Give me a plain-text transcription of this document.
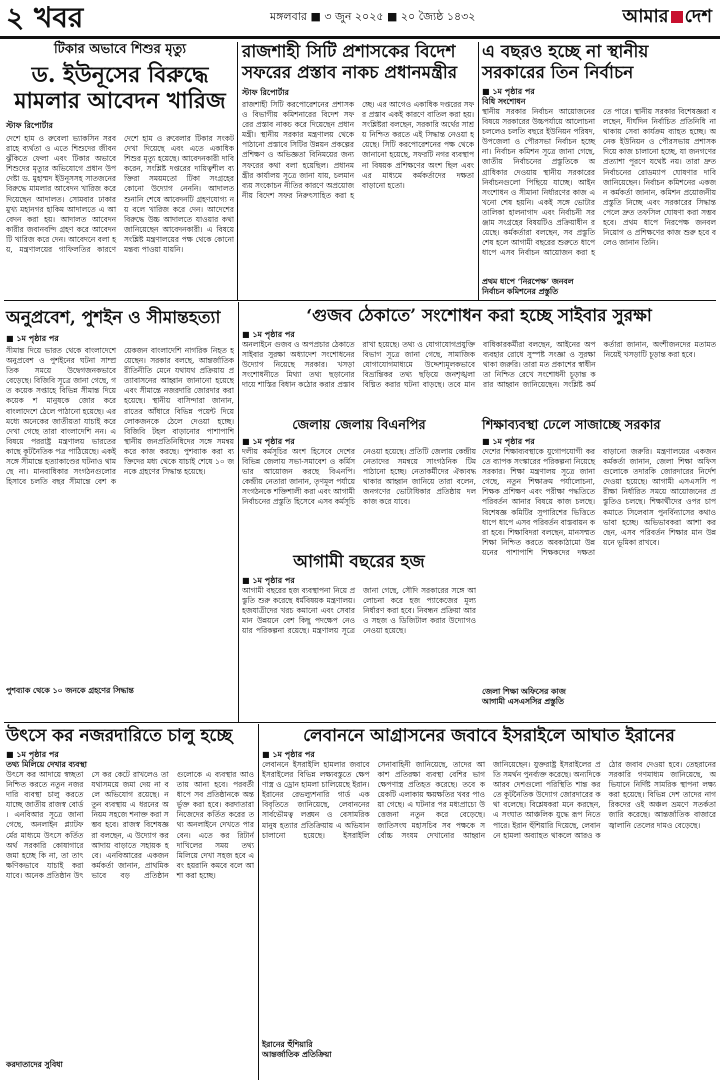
২ খবর	মঙ্গলবার ■ ৩ জুন ২০২৫ ■ ২০ জ্যৈষ্ঠ ১৪৩২	আমার দেশ
টিকার অভাবে শিশুর মৃত্যু
ড. ইউনূসের বিরুদ্ধে মামলার আবেদন খারিজ
স্টাফ রিপোর্টার
দেশে হাম ও রুবেলা ভ্যাকসিন সরবরাহে ব্যর্থতা ও এতে শিশুদের জীবন ঝুঁকিতে ফেলা এবং টিকার অভাবে শিশুদের মৃত্যুর অভিযোগে প্রধান উপদেষ্টা ড. মুহাম্মদ ইউনূসসহ সাতজনের বিরুদ্ধে মামলার আবেদন খারিজ করে দিয়েছেন আদালত। সোমবার ঢাকার মুখ্য মহানগর হাকিম আদালতে এ আবেদন করা হয়। আদালত আবেদনকারীর জবানবন্দি গ্রহণ করে আবেদনটি খারিজ করে দেন। আবেদনে বলা হয়, মন্ত্রণালয়ের গাফিলতির কারণে দেশে হাম ও রুবেলার টিকার সংকট দেখা দিয়েছে এবং এতে একাধিক শিশুর মৃত্যু হয়েছে। আবেদনকারী দাবি করেন, সংশ্লিষ্ট দপ্তরের দায়িত্বশীল ব্যক্তিরা সময়মতো টিকা সংগ্রহের কোনো উদ্যোগ নেননি। আদালত শুনানি শেষে আবেদনটি গ্রহণযোগ্য নয় বলে খারিজ করে দেন। আদেশের বিরুদ্ধে উচ্চ আদালতে যাওয়ার কথা জানিয়েছেন আবেদনকারী। এ বিষয়ে সংশ্লিষ্ট মন্ত্রণালয়ের পক্ষ থেকে কোনো মন্তব্য পাওয়া যায়নি।
রাজশাহী সিটি প্রশাসকের বিদেশ সফরের প্রস্তাব নাকচ প্রধানমন্ত্রীর
স্টাফ রিপোর্টার
রাজশাহী সিটি করপোরেশনের প্রশাসক ও বিভাগীয় কমিশনারের বিদেশ সফরের প্রস্তাব নাকচ করে দিয়েছেন প্রধানমন্ত্রী। স্থানীয় সরকার মন্ত্রণালয় থেকে পাঠানো প্রস্তাবে সিটির উন্নয়ন প্রকল্পের প্রশিক্ষণ ও অভিজ্ঞতা বিনিময়ের জন্য সফরের কথা বলা হয়েছিল। প্রধানমন্ত্রীর কার্যালয় সূত্রে জানা যায়, চলমান ব্যয় সংকোচন নীতির কারণে অপ্রয়োজনীয় বিদেশ সফর নিরুৎসাহিত করা হচ্ছে। এর আগেও একাধিক দপ্তরের সফর প্রস্তাব একই কারণে বাতিল করা হয়। সংশ্লিষ্টরা বলছেন, সরকারি অর্থের সাশ্রয় নিশ্চিত করতে এই সিদ্ধান্ত নেওয়া হয়েছে। সিটি করপোরেশনের পক্ষ থেকে জানানো হয়েছে, সফরটি নগর ব্যবস্থাপনা বিষয়ক প্রশিক্ষণের অংশ ছিল এবং এর মাধ্যমে কর্মকর্তাদের দক্ষতা বাড়ানো হতো।
এ বছরও হচ্ছে না স্থানীয় সরকারের তিন নির্বাচন
■ ১ম পৃষ্ঠার পর
বিধি সংশোধন
স্থানীয় সরকার নির্বাচন আয়োজনের বিষয়ে সরকারের উচ্চপর্যায়ে আলোচনা চললেও চলতি বছরে ইউনিয়ন পরিষদ, উপজেলা ও পৌরসভা নির্বাচন হচ্ছে না। নির্বাচন কমিশন সূত্রে জানা গেছে, জাতীয় নির্বাচনের প্রস্তুতিকে অগ্রাধিকার দেওয়ায় স্থানীয় সরকারের নির্বাচনগুলো পিছিয়ে যাচ্ছে। আইন সংশোধন ও সীমানা নির্ধারণের কাজ এখনো শেষ হয়নি। একই সঙ্গে ভোটার তালিকা হালনাগাদ এবং নির্বাচনী সরঞ্জাম সংগ্রহের বিষয়টিও প্রক্রিয়াধীন রয়েছে। কর্মকর্তারা বলছেন, সব প্রস্তুতি শেষ হলে আগামী বছরের শুরুতে ধাপে ধাপে এসব নির্বাচন আয়োজন করা হতে পারে। স্থানীয় সরকার বিশেষজ্ঞরা বলছেন, দীর্ঘদিন নির্বাচিত প্রতিনিধি না থাকায় সেবা কার্যক্রম ব্যাহত হচ্ছে। অনেক ইউনিয়ন ও পৌরসভায় প্রশাসক দিয়ে কাজ চালানো হচ্ছে, যা জনগণের প্রত্যাশা পূরণে যথেষ্ট নয়। তারা দ্রুত নির্বাচনের রোডম্যাপ ঘোষণার দাবি জানিয়েছেন। নির্বাচন কমিশনের একজন কর্মকর্তা জানান, কমিশন প্রয়োজনীয় প্রস্তুতি নিচ্ছে এবং সরকারের সিদ্ধান্ত পেলে দ্রুত তফসিল ঘোষণা করা সম্ভব হবে। প্রথম ধাপে নিরপেক্ষ জনবল নিয়োগ ও প্রশিক্ষণের কাজ শুরু হবে বলেও জানান তিনি।
প্রথম ধাপে ‘নিরপেক্ষ’ জনবল
নির্বাচন কমিশনের প্রস্তুতি
‘গুজব ঠেকাতে’ সংশোধন করা হচ্ছে সাইবার সুরক্ষা
■ ১ম পৃষ্ঠার পর
অনলাইনে গুজব ও অপপ্রচার ঠেকাতে সাইবার সুরক্ষা অধ্যাদেশ সংশোধনের উদ্যোগ নিয়েছে সরকার। খসড়া সংশোধনীতে মিথ্যা তথ্য ছড়ানোর দায়ে শাস্তির বিধান কঠোর করার প্রস্তাব রাখা হয়েছে। তথ্য ও যোগাযোগপ্রযুক্তি বিভাগ সূত্রে জানা গেছে, সামাজিক যোগাযোগমাধ্যমে উদ্দেশ্যমূলকভাবে বিভ্রান্তিকর তথ্য ছড়িয়ে জনশৃঙ্খলা বিঘ্নিত করার ঘটনা বাড়ছে। তবে মানবাধিকারকর্মীরা বলছেন, আইনের অপব্যবহার রোধে সুস্পষ্ট সংজ্ঞা ও সুরক্ষা থাকা জরুরি। তারা মত প্রকাশের স্বাধীনতা নিশ্চিত রেখে সংশোধনী চূড়ান্ত করার আহ্বান জানিয়েছেন। সংশ্লিষ্ট কর্মকর্তারা জানান, অংশীজনদের মতামত নিয়েই খসড়াটি চূড়ান্ত করা হবে।
অনুপ্রবেশ, পুশইন ও সীমান্তহত্যা
■ ১ম পৃষ্ঠার পর
সীমান্ত দিয়ে ভারত থেকে বাংলাদেশে অনুপ্রবেশ ও পুশইনের ঘটনা সাম্প্রতিক সময়ে উদ্বেগজনকভাবে বেড়েছে। বিজিবি সূত্রে জানা গেছে, গত কয়েক সপ্তাহে বিভিন্ন সীমান্ত দিয়ে কয়েক শ মানুষকে জোর করে বাংলাদেশে ঠেলে পাঠানো হয়েছে। এর মধ্যে অনেকের জাতীয়তা যাচাই করে দেখা গেছে তারা বাংলাদেশি নন। এ বিষয়ে পররাষ্ট্র মন্ত্রণালয় ভারতের কাছে কূটনৈতিক পত্র পাঠিয়েছে। একই সঙ্গে সীমান্তে হত্যাকাণ্ডের ঘটনাও থামছে না। মানবাধিকার সংগঠনগুলোর হিসাবে চলতি বছর সীমান্তে বেশ কয়েকজন বাংলাদেশি নাগরিক নিহত হয়েছেন। সরকার বলছে, আন্তর্জাতিক রীতিনীতি মেনে যথাযথ প্রক্রিয়ায় প্রত্যাবাসনের আহ্বান জানানো হয়েছে এবং সীমান্তে নজরদারি জোরদার করা হয়েছে। স্থানীয় বাসিন্দারা জানান, রাতের আঁধারে বিভিন্ন পয়েন্ট দিয়ে লোকজনকে ঠেলে দেওয়া হচ্ছে। বিজিবি টহল বাড়ানোর পাশাপাশি স্থানীয় জনপ্রতিনিধিদের সঙ্গে সমন্বয় করে কাজ করছে। পুশব্যাক করা ব্যক্তিদের মধ্য থেকে যাচাই শেষে ১০ জনকে গ্রহণের সিদ্ধান্ত হয়েছে।
পুশব্যাক থেকে ১০ জনকে গ্রহণের সিদ্ধান্ত
জেলায় জেলায় বিএনপির
■ ১ম পৃষ্ঠার পর
দলীয় কর্মসূচির অংশ হিসেবে দেশের বিভিন্ন জেলায় সভা-সমাবেশ ও কর্মিসভার আয়োজন করছে বিএনপি। কেন্দ্রীয় নেতারা জানান, তৃণমূল পর্যায়ে সংগঠনকে শক্তিশালী করা এবং আগামী নির্বাচনের প্রস্তুতি হিসেবে এসব কর্মসূচি নেওয়া হয়েছে। প্রতিটি জেলায় কেন্দ্রীয় নেতাদের সমন্বয়ে সাংগঠনিক টিম পাঠানো হচ্ছে। নেতাকর্মীদের ঐক্যবদ্ধ থাকার আহ্বান জানিয়ে তারা বলেন, জনগণের ভোটাধিকার প্রতিষ্ঠায় দল কাজ করে যাবে।
আগামী বছরের হজ
■ ১ম পৃষ্ঠার পর
আগামী বছরের হজ ব্যবস্থাপনা নিয়ে প্রস্তুতি শুরু করেছে ধর্মবিষয়ক মন্ত্রণালয়। হজযাত্রীদের খরচ কমানো এবং সেবার মান উন্নয়নে বেশ কিছু পদক্ষেপ নেওয়ার পরিকল্পনা রয়েছে। মন্ত্রণালয় সূত্রে জানা গেছে, সৌদি সরকারের সঙ্গে আলোচনা করে হজ প্যাকেজের মূল্য নির্ধারণ করা হবে। নিবন্ধন প্রক্রিয়া আরও সহজ ও ডিজিটাল করার উদ্যোগও নেওয়া হয়েছে।
শিক্ষাব্যবস্থা ঢেলে সাজাচ্ছে সরকার
■ ১ম পৃষ্ঠার পর
দেশের শিক্ষাব্যবস্থাকে যুগোপযোগী করতে ব্যাপক সংস্কারের পরিকল্পনা নিয়েছে সরকার। শিক্ষা মন্ত্রণালয় সূত্রে জানা গেছে, নতুন শিক্ষাক্রম পর্যালোচনা, শিক্ষক প্রশিক্ষণ এবং পরীক্ষা পদ্ধতিতে পরিবর্তন আনার বিষয়ে কাজ চলছে। বিশেষজ্ঞ কমিটির সুপারিশের ভিত্তিতে ধাপে ধাপে এসব পরিবর্তন বাস্তবায়ন করা হবে। শিক্ষাবিদরা বলছেন, মানসম্মত শিক্ষা নিশ্চিত করতে অবকাঠামো উন্নয়নের পাশাপাশি শিক্ষকদের দক্ষতা বাড়ানো জরুরি। মন্ত্রণালয়ের একজন কর্মকর্তা জানান, জেলা শিক্ষা অফিসগুলোকে তদারকি জোরদারের নির্দেশ দেওয়া হয়েছে। আগামী এসএসসি পরীক্ষা নির্ধারিত সময়ে আয়োজনের প্রস্তুতিও চলছে। শিক্ষার্থীদের ওপর চাপ কমাতে সিলেবাস পুনর্বিন্যাসের কথাও ভাবা হচ্ছে। অভিভাবকরা আশা করছেন, এসব পরিবর্তন শিক্ষার মান উন্নয়নে ভূমিকা রাখবে।
জেলা শিক্ষা অফিসের কাজ
আগামী এসএসসির প্রস্তুতি
উৎসে কর নজরদারিতে চালু হচ্ছে
■ ১ম পৃষ্ঠার পর
তথ্য মিলিয়ে দেখার ব্যবস্থা
উৎসে কর আদায়ে স্বচ্ছতা নিশ্চিত করতে নতুন নজরদারি ব্যবস্থা চালু করতে যাচ্ছে জাতীয় রাজস্ব বোর্ড। এনবিআর সূত্রে জানা গেছে, অনলাইন প্ল্যাটফর্মের মাধ্যমে উৎসে কর্তিত অর্থ সরকারি কোষাগারে জমা হচ্ছে কি না, তা তাৎক্ষণিকভাবে যাচাই করা যাবে। অনেক প্রতিষ্ঠান উৎসে কর কেটে রাখলেও তা যথাসময়ে জমা দেয় না বলে অভিযোগ রয়েছে। নতুন ব্যবস্থায় এ ধরনের অনিয়ম সহজে শনাক্ত করা সম্ভব হবে। রাজস্ব বিশেষজ্ঞরা বলছেন, এ উদ্যোগ কর আদায় বাড়াতে সহায়ক হবে। এনবিআরের একজন কর্মকর্তা জানান, প্রাথমিকভাবে বড় প্রতিষ্ঠানগুলোকে এ ব্যবস্থার আওতায় আনা হবে। পরবর্তী ধাপে সব প্রতিষ্ঠানকে অন্তর্ভুক্ত করা হবে। করদাতারা নিজেদের কর্তিত করের তথ্য অনলাইনে দেখতে পারবেন। এতে কর রিটার্ন দাখিলের সময় তথ্য মিলিয়ে দেখা সহজ হবে এবং হয়রানি কমবে বলে আশা করা হচ্ছে।
করদাতাদের সুবিধা
লেবাননে আগ্রাসনের জবাবে ইসরাইলে আঘাত ইরানের
■ ১ম পৃষ্ঠার পর
লেবাননে ইসরাইলি হামলার জবাবে ইসরাইলের বিভিন্ন লক্ষ্যবস্তুতে ক্ষেপণাস্ত্র ও ড্রোন হামলা চালিয়েছে ইরান। ইরানের রেভল্যুশনারি গার্ড এক বিবৃতিতে জানিয়েছে, লেবাননের সার্বভৌমত্ব লঙ্ঘন ও বেসামরিক মানুষ হত্যার প্রতিক্রিয়ায় এ অভিযান চালানো হয়েছে। ইসরাইলি সেনাবাহিনী জানিয়েছে, তাদের আকাশ প্রতিরক্ষা ব্যবস্থা বেশির ভাগ ক্ষেপণাস্ত্র প্রতিহত করেছে। তবে কয়েকটি এলাকায় ক্ষয়ক্ষতির খবর পাওয়া গেছে। এ ঘটনার পর মধ্যপ্রাচ্যে উত্তেজনা নতুন করে বেড়েছে। জাতিসংঘ মহাসচিব সব পক্ষকে সর্বোচ্চ সংযম দেখানোর আহ্বান জানিয়েছেন। যুক্তরাষ্ট্র ইসরাইলের প্রতি সমর্থন পুনর্ব্যক্ত করেছে। অন্যদিকে আরব দেশগুলো পরিস্থিতি শান্ত করতে কূটনৈতিক উদ্যোগ জোরদারের কথা বলেছে। বিশ্লেষকরা মনে করছেন, এ সংঘাত আঞ্চলিক যুদ্ধে রূপ নিতে পারে। ইরান হুঁশিয়ারি দিয়েছে, লেবাননে হামলা অব্যাহত থাকলে আরও কঠোর জবাব দেওয়া হবে। তেহরানের সরকারি গণমাধ্যম জানিয়েছে, অভিযানে নির্দিষ্ট সামরিক স্থাপনা লক্ষ্য করা হয়েছে। বিভিন্ন দেশ তাদের নাগরিকদের ওই অঞ্চল ভ্রমণে সতর্কতা জারি করেছে। আন্তর্জাতিক বাজারে জ্বালানি তেলের দামও বেড়েছে।
ইরানের হুঁশিয়ারি
আন্তর্জাতিক প্রতিক্রিয়া
